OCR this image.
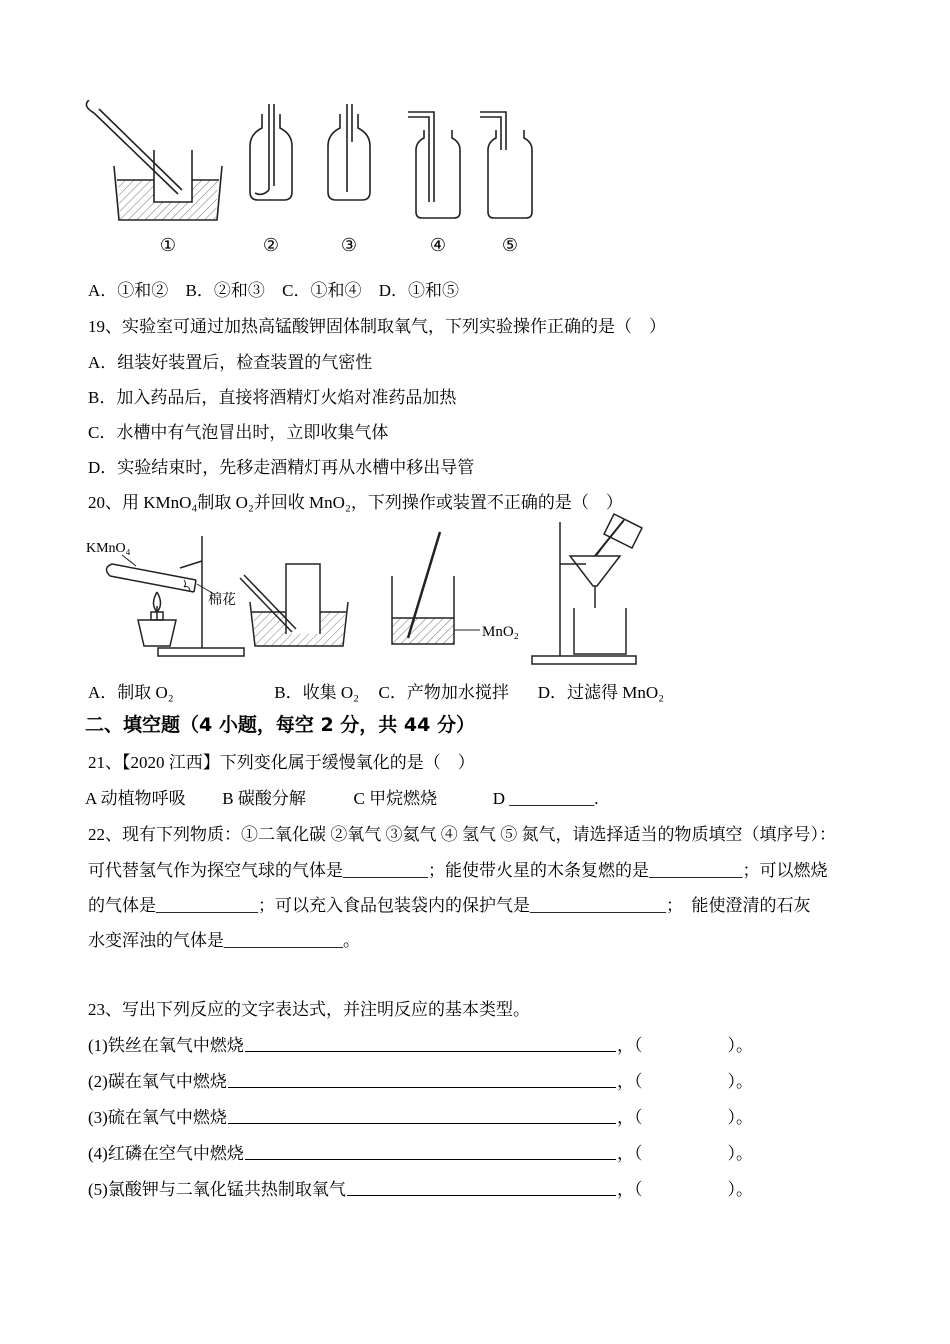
①	②	③	④	⑤
A．①和② B．②和③ C．①和④ D．①和⑤
19、实验室可通过加热高锰酸钾固体制取氧气，下列实验操作正确的是（    ）
A．组装好装置后，检查装置的气密性
B．加入药品后，直接将酒精灯火焰对准药品加热
C．水槽中有气泡冒出时，立即收集气体
D．实验结束时，先移走酒精灯再从水槽中移出导管
20、用 KMnO₄制取 O₂并回收 MnO₂，下列操作或装置不正确的是（    ）
KMnO₄
棉花
MnO₂
A．制取 O₂	B．收集 O₂ C．产物加水搅拌 D．过滤得 MnO₂
二、填空题（4 小题，每空 2 分，共 44 分）
21、【2020 江西】下列变化属于缓慢氧化的是（    ）
A 动植物呼吸 B 碳酸分解	C 甲烷燃烧	D __________.
22、现有下列物质：①二氧化碳 ②氧气 ③氦气 ④ 氢气 ⑤ 氮气，请选择适当的物质填空（填序号）：
可代替氢气作为探空气球的气体是__________；能使带火星的木条复燃的是___________；可以燃烧
的气体是____________；可以充入食品包装袋内的保护气是________________；  能使澄清的石灰
水变浑浊的气体是______________。
23、写出下列反应的文字表达式，并注明反应的基本类型。
(1)铁丝在氧气中燃烧	，（　　　　　）。
(2)碳在氧气中燃烧	，（　　　　　）。
(3)硫在氧气中燃烧	，（　　　　　）。
(4)红磷在空气中燃烧	，（　　　　　）。
(5)氯酸钾与二氧化锰共热制取氧气	，（　　　　　）。
